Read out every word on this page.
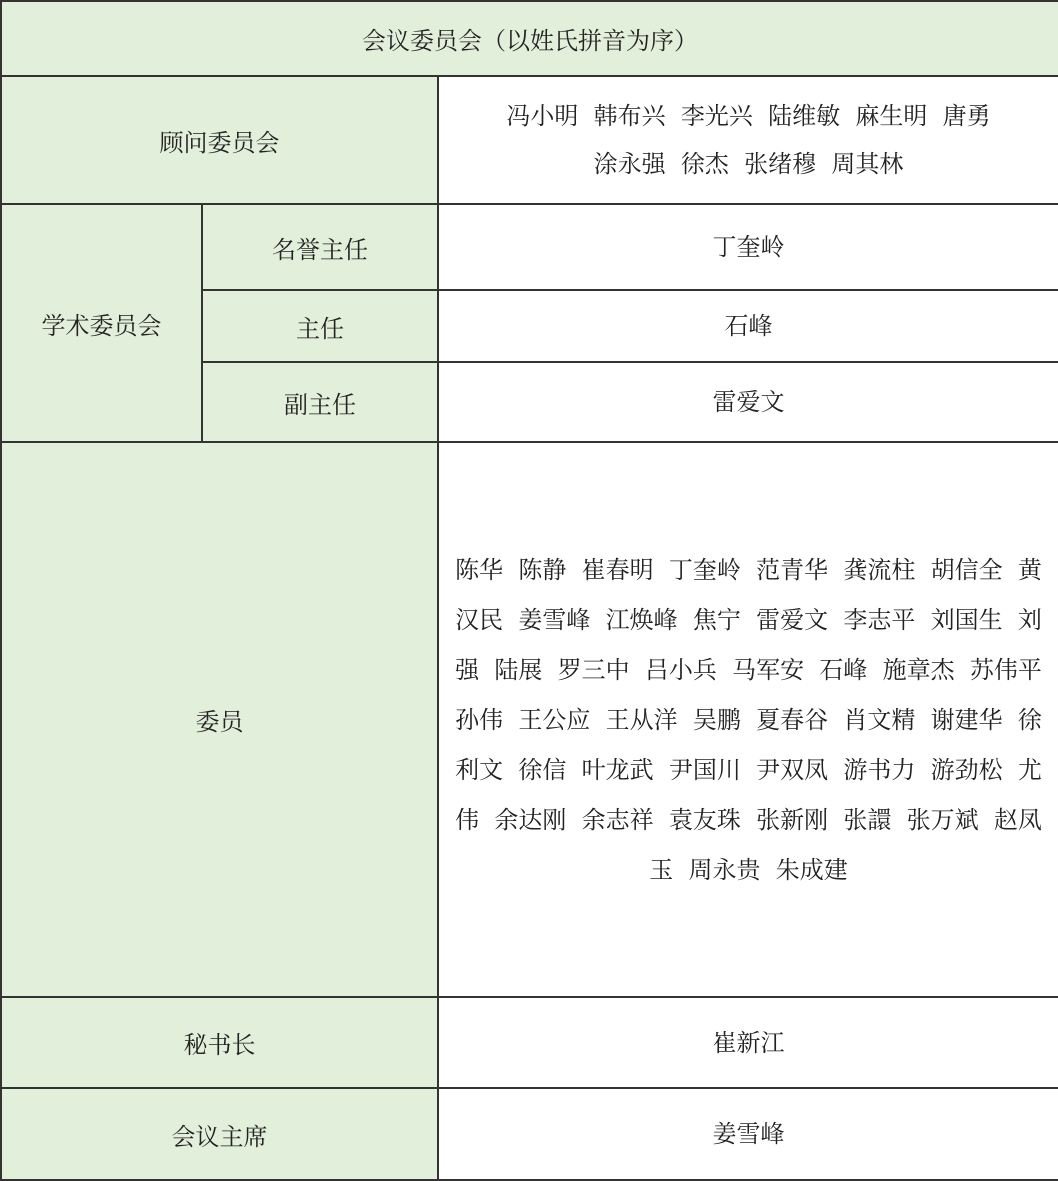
会议委员会（以姓氏拼音为序）		
顾问委员会		冯小明  韩布兴  李光兴  陆维敏  麻生明  唐勇
涂永强  徐杰  张绪穆  周其林

学术委员会	名誉主任	丁奎岭
	主任	石峰
	副主任	雷爱文
委员		陈华  陈静  崔春明  丁奎岭  范青华  龚流柱  胡信全  黄汉民  姜雪峰  江焕峰  焦宁  雷爱文  李志平  刘国生  刘强  陆展  罗三中  吕小兵  马军安  石峰  施章杰  苏伟平  孙伟  王公应  王从洋  吴鹏  夏春谷  肖文精  谢建华  徐利文  徐信  叶龙武  尹国川  尹双凤  游书力  游劲松  尤伟  余达刚  余志祥  袁友珠  张新刚  张譞  张万斌  赵凤玉  周永贵  朱成建
秘书长		崔新江
会议主席		姜雪峰
